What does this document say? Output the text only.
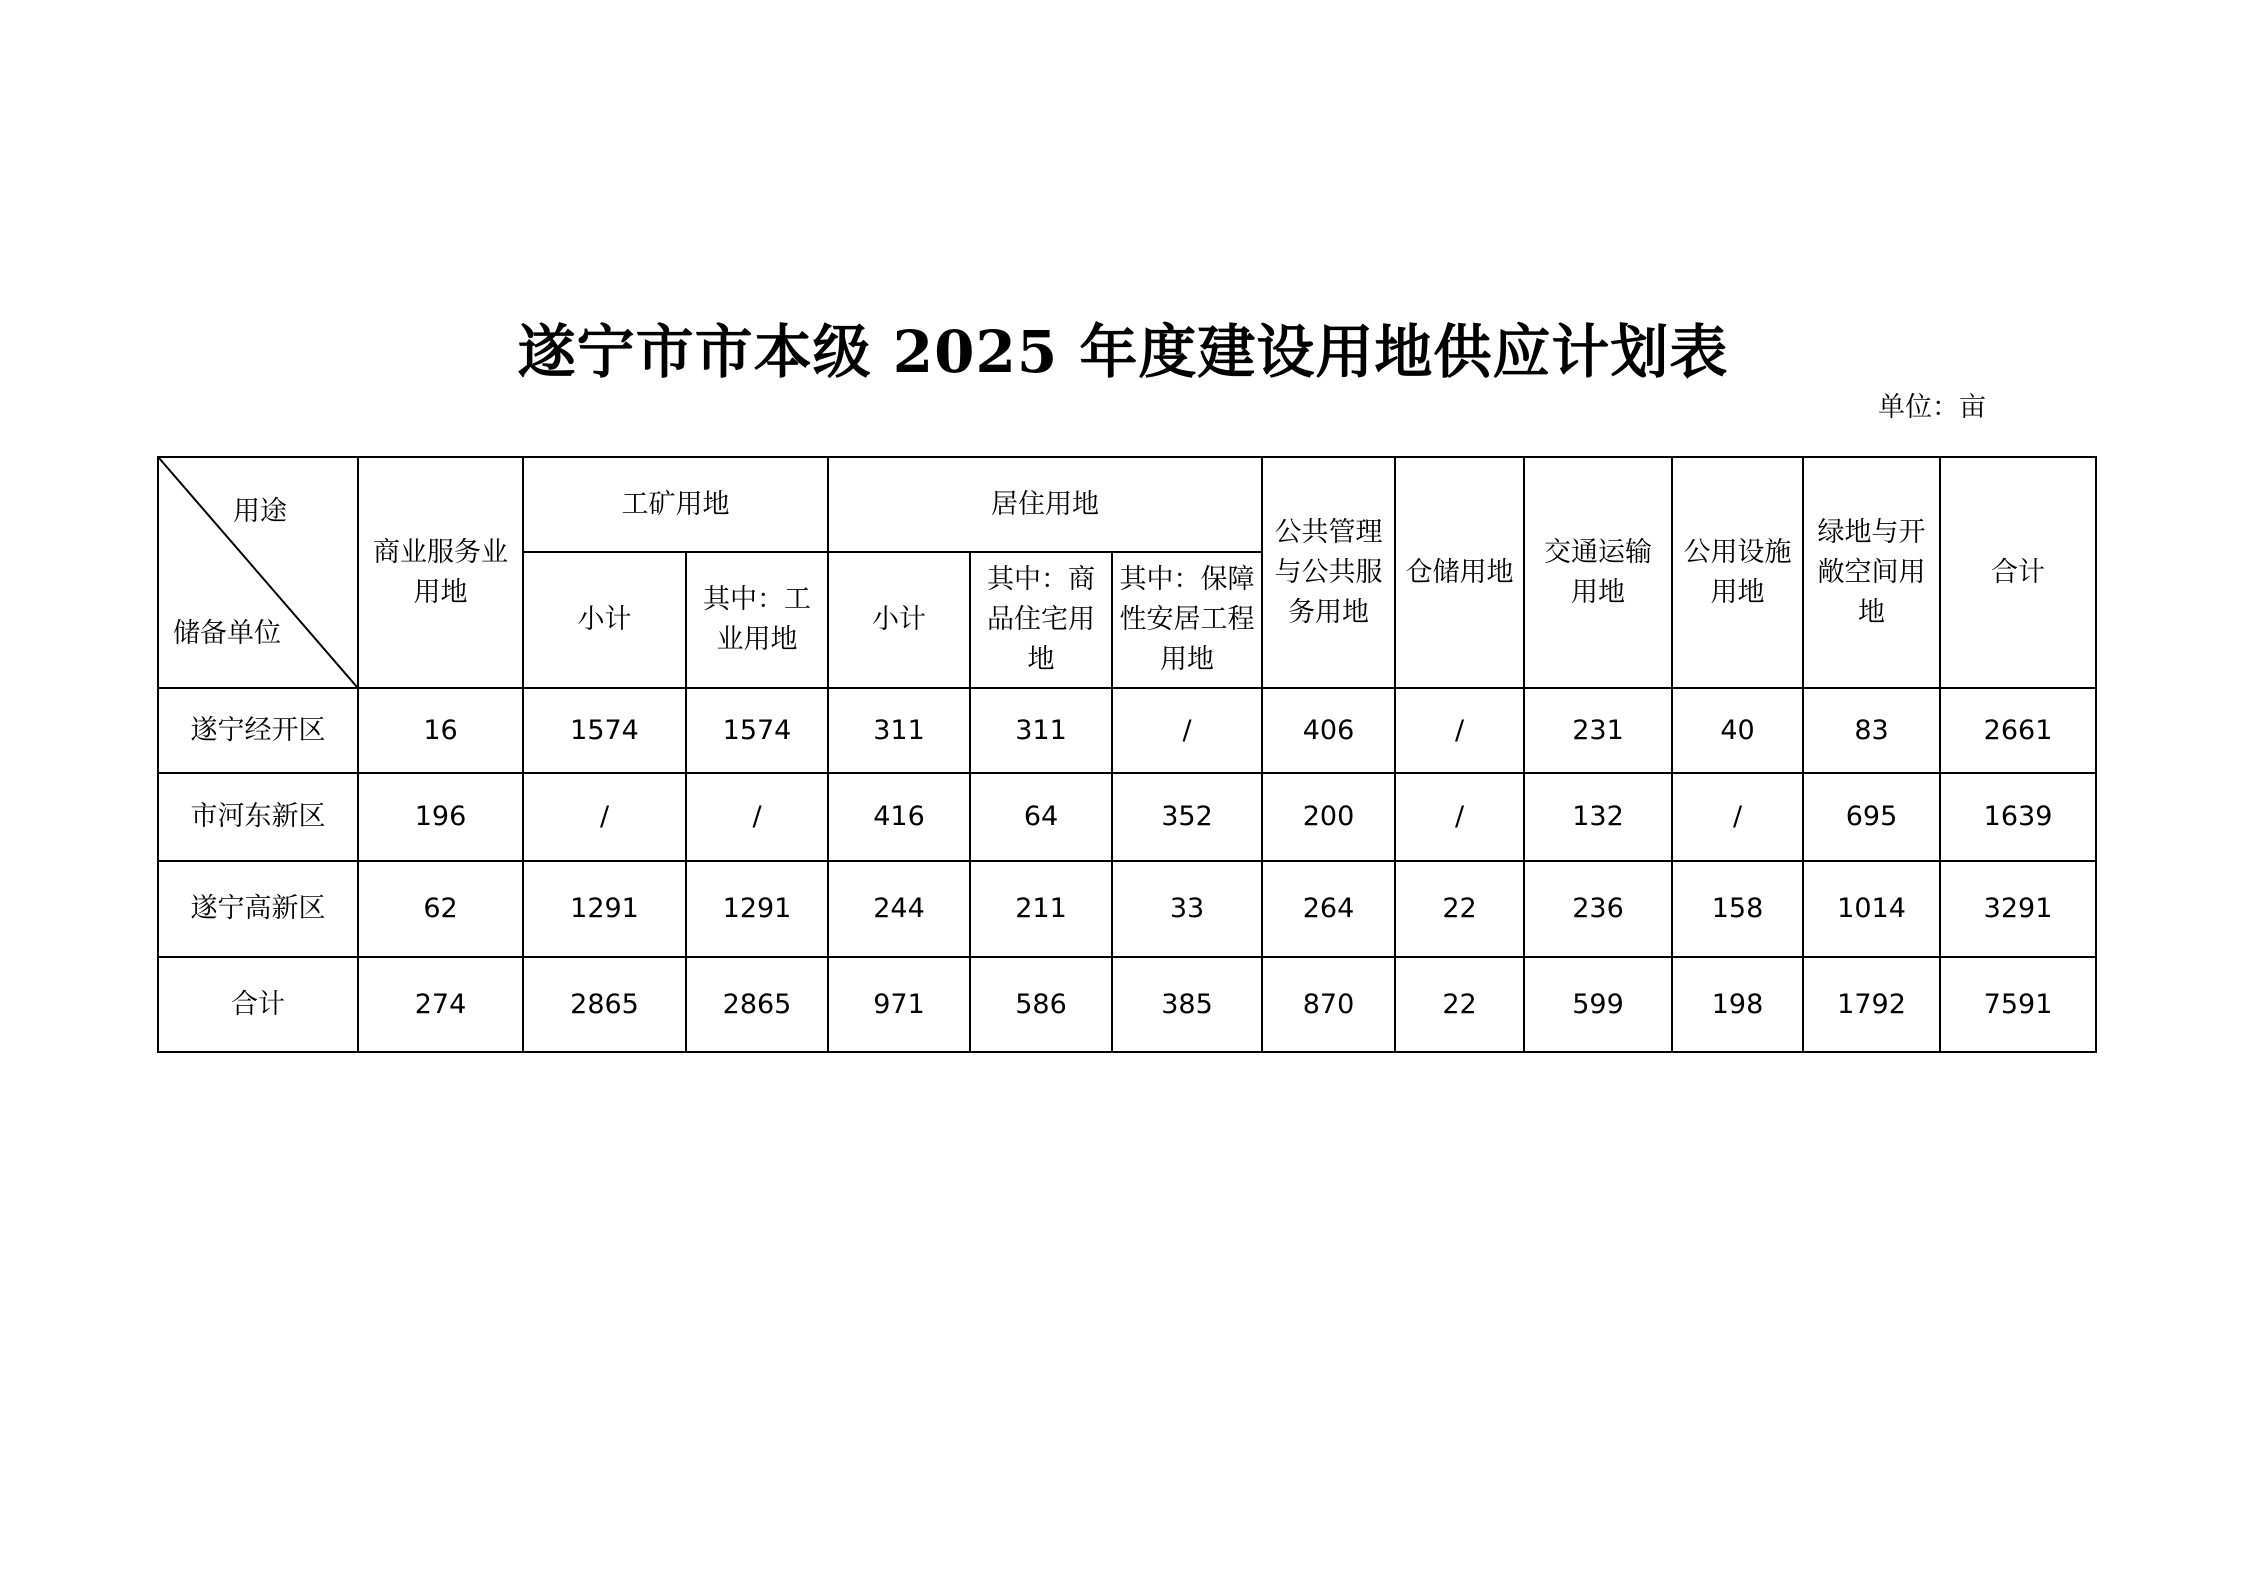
遂宁市市本级 2025 年度建设用地供应计划表
单位：亩
用途
储备单位	商业服务业用地	工矿用地		居住用地			公共管理与公共服务用地	仓储用地	交通运输用地	公用设施用地	绿地与开敞空间用地	合计
		小计	其中：工业用地	小计	其中：商品住宅用地	其中：保障性安居工程用地						
遂宁经开区	16	1574	1574	311	311	/	406	/	231	40	83	2661
市河东新区	196	/	/	416	64	352	200	/	132	/	695	1639
遂宁高新区	62	1291	1291	244	211	33	264	22	236	158	1014	3291
合计	274	2865	2865	971	586	385	870	22	599	198	1792	7591
